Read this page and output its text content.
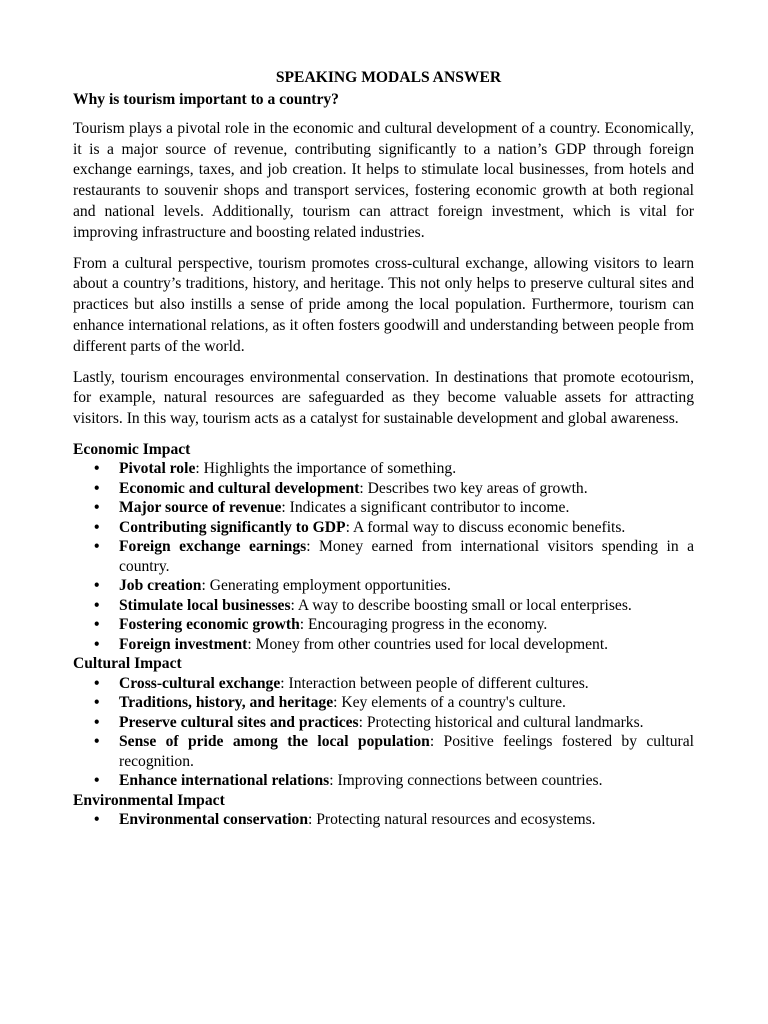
SPEAKING MODALS ANSWER
Why is tourism important to a country?

Tourism plays a pivotal role in the economic and cultural development of a country. Economically, it is a major source of revenue, contributing significantly to a nation’s GDP through foreign exchange earnings, taxes, and job creation. It helps to stimulate local businesses, from hotels and restaurants to souvenir shops and transport services, fostering economic growth at both regional and national levels. Additionally, tourism can attract foreign investment, which is vital for improving infrastructure and boosting related industries.

From a cultural perspective, tourism promotes cross-cultural exchange, allowing visitors to learn about a country’s traditions, history, and heritage. This not only helps to preserve cultural sites and practices but also instills a sense of pride among the local population. Furthermore, tourism can enhance international relations, as it often fosters goodwill and understanding between people from different parts of the world.

Lastly, tourism encourages environmental conservation. In destinations that promote ecotourism, for example, natural resources are safeguarded as they become valuable assets for attracting visitors. In this way, tourism acts as a catalyst for sustainable development and global awareness.

Economic Impact
• Pivotal role: Highlights the importance of something.
• Economic and cultural development: Describes two key areas of growth.
• Major source of revenue: Indicates a significant contributor to income.
• Contributing significantly to GDP: A formal way to discuss economic benefits.
• Foreign exchange earnings: Money earned from international visitors spending in a country.
• Job creation: Generating employment opportunities.
• Stimulate local businesses: A way to describe boosting small or local enterprises.
• Fostering economic growth: Encouraging progress in the economy.
• Foreign investment: Money from other countries used for local development.
Cultural Impact
• Cross-cultural exchange: Interaction between people of different cultures.
• Traditions, history, and heritage: Key elements of a country's culture.
• Preserve cultural sites and practices: Protecting historical and cultural landmarks.
• Sense of pride among the local population: Positive feelings fostered by cultural recognition.
• Enhance international relations: Improving connections between countries.
Environmental Impact
• Environmental conservation: Protecting natural resources and ecosystems.
